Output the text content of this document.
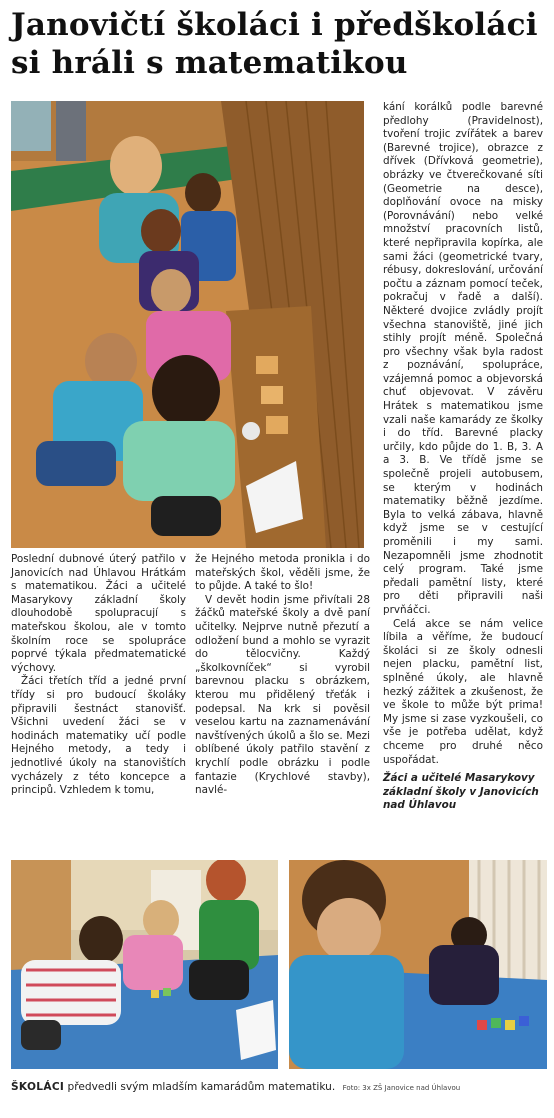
Janovičtí školáci i předškoláci
si hráli s matematikou

kání korálků podle barevné předlohy (Pravidelnost), tvoření trojic zvířátek a barev (Barevné trojice), obrazce z dřívek (Dřívková geometrie), obrázky ve čtverečkované síti (Geometrie na desce), doplňování ovoce na misky (Porovnávání) nebo velké množství pracovních listů, které nepřipravila kopírka, ale sami žáci (geometrické tvary, rébusy, dokreslování, určování počtu a záznam pomocí teček, pokračuj v řadě a další). Některé dvojice zvládly projít všechna stanoviště, jiné jich stihly projít méně. Společná pro všechny však byla radost z poznávání, spolupráce, vzájemná pomoc a objevorská chuť objevovat. V závěru Hrátek s matematikou jsme vzali naše kamarády ze školky i do tříd. Barevné placky určily, kdo půjde do 1. B, 3. A a 3. B. Ve třídě jsme se společně projeli autobusem, se kterým v hodinách matematiky běžně jezdíme. Byla to velká zábava, hlavně když jsme se v cestující proměnili i my sami. Nezapomněli jsme zhodnotit celý program. Také jsme předali pamětní listy, které pro děti připravili naši prvňáčci.

Celá akce se nám velice líbila a věříme, že budoucí školáci si ze školy odnesli nejen placku, pamětní list, splněné úkoly, ale hlavně hezký zážitek a zkušenost, že ve škole to může být prima! My jsme si zase vyzkoušeli, co vše je potřeba udělat, když chceme pro druhé něco uspořádat.

Žáci a učitelé Masarykovy základní školy v Janovicích nad Úhlavou

Poslední dubnové úterý patřilo v Janovicích nad Úhlavou Hrátkám s matematikou. Žáci a učitelé Masarykovy základní školy dlouhodobě spolupracují s mateřskou školou, ale v tomto školním roce se spolupráce poprvé týkala předmatematické výchovy.

Žáci třetích tříd a jedné první třídy si pro budoucí školáky připravili šestnáct stanovišť. Všichni uvedení žáci se v hodinách matematiky učí podle Hejného metody, a tedy i jednotlivé úkoly na stanovištích vycházely z této koncepce a principů. Vzhledem k tomu,

že Hejného metoda pronikla i do mateřských škol, věděli jsme, že to půjde. A také to šlo!

V devět hodin jsme přivítali 28 žáčků mateřské školy a dvě paní učitelky. Nejprve nutně přezutí a odložení bund a mohlo se vyrazit do tělocvičny. Každý „školkovníček“ si vyrobil barevnou placku s obrázkem, kterou mu přidělený třeťák i podepsal. Na krk si pověsil veselou kartu na zaznamenávání navštívených úkolů a šlo se. Mezi oblíbené úkoly patřilo stavění z krychlí podle obrázku i podle fantazie (Krychlové stavby), navlé-

ŠKOLÁCI předvedli svým mladším kamarádům matematiku. Foto: 3x ZŠ Janovice nad Úhlavou
